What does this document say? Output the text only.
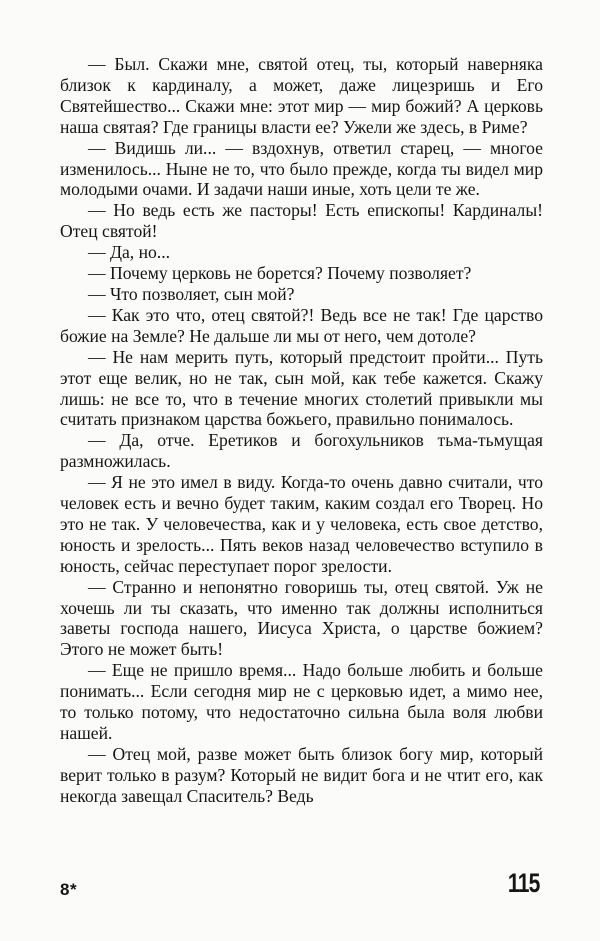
— Был. Скажи мне, святой отец, ты, который наверняка близок к кардиналу, а может, даже лицезришь и Его Святейшество... Скажи мне: этот мир — мир божий? А церковь наша святая? Где границы власти ее? Ужели же здесь, в Риме?

— Видишь ли... — вздохнув, ответил старец, — многое изменилось... Ныне не то, что было прежде, когда ты видел мир молодыми очами. И задачи наши иные, хоть цели те же.

— Но ведь есть же пасторы! Есть епископы! Кардиналы! Отец святой!

— Да, но...

— Почему церковь не борется? Почему позволяет?

— Что позволяет, сын мой?

— Как это что, отец святой?! Ведь все не так! Где царство божие на Земле? Не дальше ли мы от него, чем дотоле?

— Не нам мерить путь, который предстоит пройти... Путь этот еще велик, но не так, сын мой, как тебе кажется. Скажу лишь: не все то, что в течение многих столетий привыкли мы считать признаком царства божьего, правильно понималось.

— Да, отче. Еретиков и богохульников тьма-тьмущая размножилась.

— Я не это имел в виду. Когда-то очень давно считали, что человек есть и вечно будет таким, каким создал его Творец. Но это не так. У человечества, как и у человека, есть свое детство, юность и зрелость... Пять веков назад человечество вступило в юность, сейчас переступает порог зрелости.

— Странно и непонятно говоришь ты, отец святой. Уж не хочешь ли ты сказать, что именно так должны исполниться заветы господа нашего, Иисуса Христа, о царстве божием? Этого не может быть!

— Еще не пришло время... Надо больше любить и больше понимать... Если сегодня мир не с церковью идет, а мимо нее, то только потому, что недостаточно сильна была воля любви нашей.

— Отец мой, разве может быть близок богу мир, который верит только в разум? Который не видит бога и не чтит его, как некогда завещал Спаситель? Ведь

8*	115
